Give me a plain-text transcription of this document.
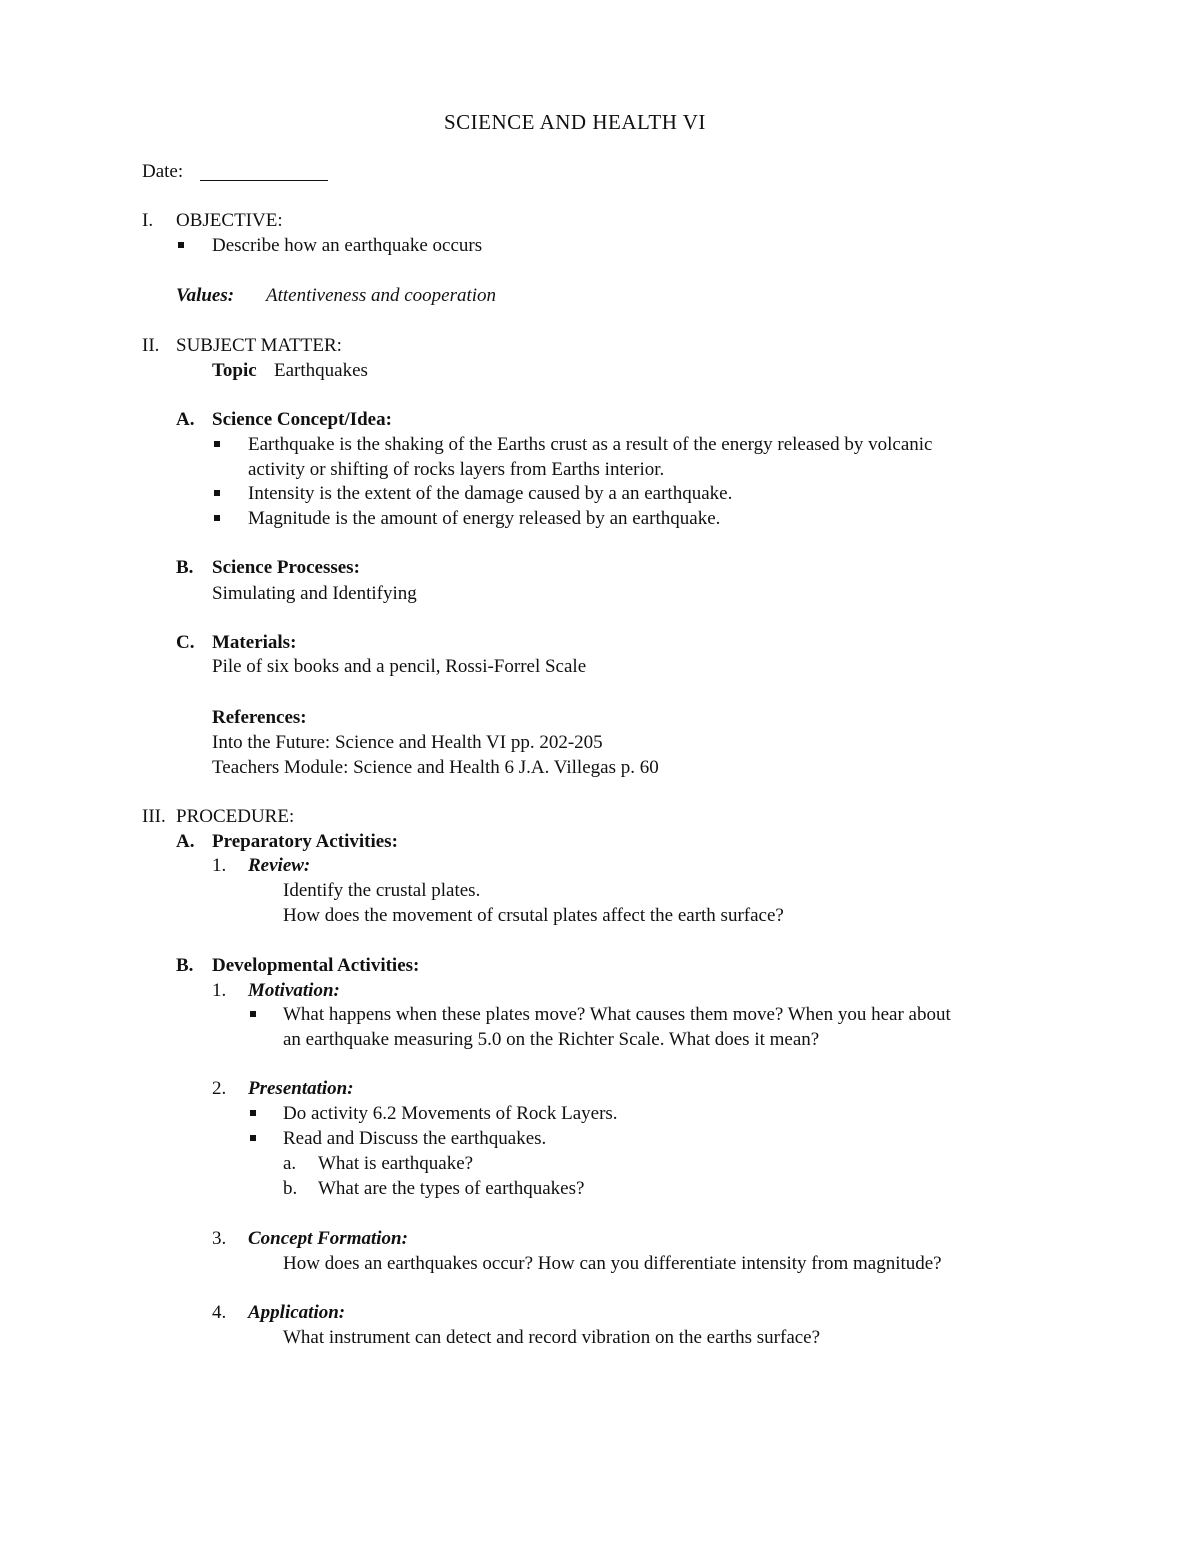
SCIENCE AND HEALTH VI
Date:
I. OBJECTIVE:
Describe how an earthquake occurs
Values: Attentiveness and cooperation
II. SUBJECT MATTER:
Topic Earthquakes
A. Science Concept/Idea:
Earthquake is the shaking of the Earths crust as a result of the energy released by volcanic
activity or shifting of rocks layers from Earths interior.
Intensity is the extent of the damage caused by a an earthquake.
Magnitude is the amount of energy released by an earthquake.
B. Science Processes:
Simulating and Identifying
C. Materials:
Pile of six books and a pencil, Rossi-Forrel Scale
References:
Into the Future: Science and Health VI pp. 202-205
Teachers Module: Science and Health 6 J.A. Villegas p. 60
III. PROCEDURE:
A. Preparatory Activities:
1. Review:
Identify the crustal plates.
How does the movement of crsutal plates affect the earth surface?
B. Developmental Activities:
1. Motivation:
What happens when these plates move? What causes them move? When you hear about
an earthquake measuring 5.0 on the Richter Scale. What does it mean?
2. Presentation:
Do activity 6.2 Movements of Rock Layers.
Read and Discuss the earthquakes.
a. What is earthquake?
b. What are the types of earthquakes?
3. Concept Formation:
How does an earthquakes occur? How can you differentiate intensity from magnitude?
4. Application:
What instrument can detect and record vibration on the earths surface?
